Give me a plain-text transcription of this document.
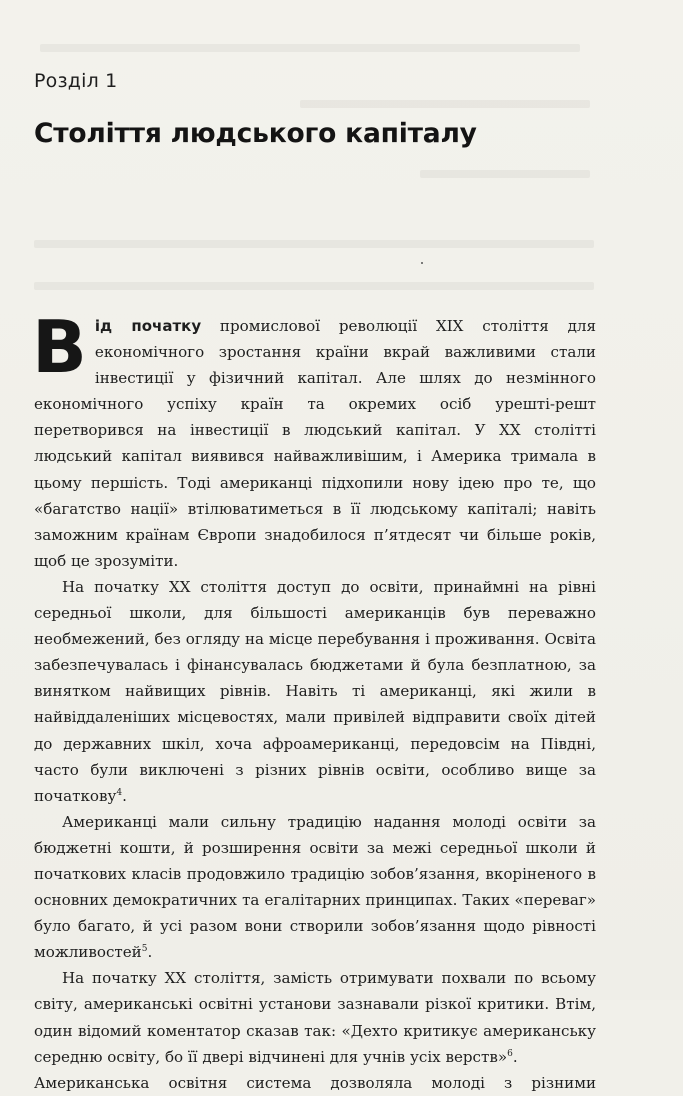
Розділ 1
Століття людського капіталу

Від початку промислової революції XIX століття для економічного зростання країни вкрай важливими стали інвестиції у фізичний капітал. Але шлях до незмінного економічного успіху країн та окремих осіб урешті-решт перетворився на інвестиції в людський капітал. У XX столітті людський капітал виявився найважливішим, і Америка тримала в цьому першість. Тоді американці підхопили нову ідею про те, що «багатство нації» втілюватиметься в її людському капіталі; навіть заможним країнам Європи знадобилося п’ятдесят чи більше років, щоб це зрозуміти.

На початку XX століття доступ до освіти, принаймні на рівні середньої школи, для більшості американців був переважно необмежений, без огляду на місце перебування і проживання. Освіта забезпечувалась і фінансувалась бюджетами й була безплатною, за винятком найвищих рівнів. Навіть ті американці, які жили в найвіддаленіших місцевостях, мали привілей відправити своїх дітей до державних шкіл, хоча афроамериканці, передовсім на Півдні, часто були виключені з різних рівнів освіти, особливо вище за початкову$^4$.

Американці мали сильну традицію надання молоді освіти за бюджетні кошти, й розширення освіти за межі середньої школи й початкових класів продовжило традицію зобов’язання, вкоріненого в основних демократичних та егалітарних принципах. Таких «переваг» було багато, й усі разом вони створили зобов’язання щодо рівності можливостей$^5$.

На початку XX століття, замість отримувати похвали по всьому світу, американські освітні установи зазнавали різкої критики. Втім, один відомий коментатор сказав так: «Дехто критикує американську середню освіту, бо її двері відчинені для учнів усіх верств»$^6$.

Американська освітня система дозволяла молоді з різними
